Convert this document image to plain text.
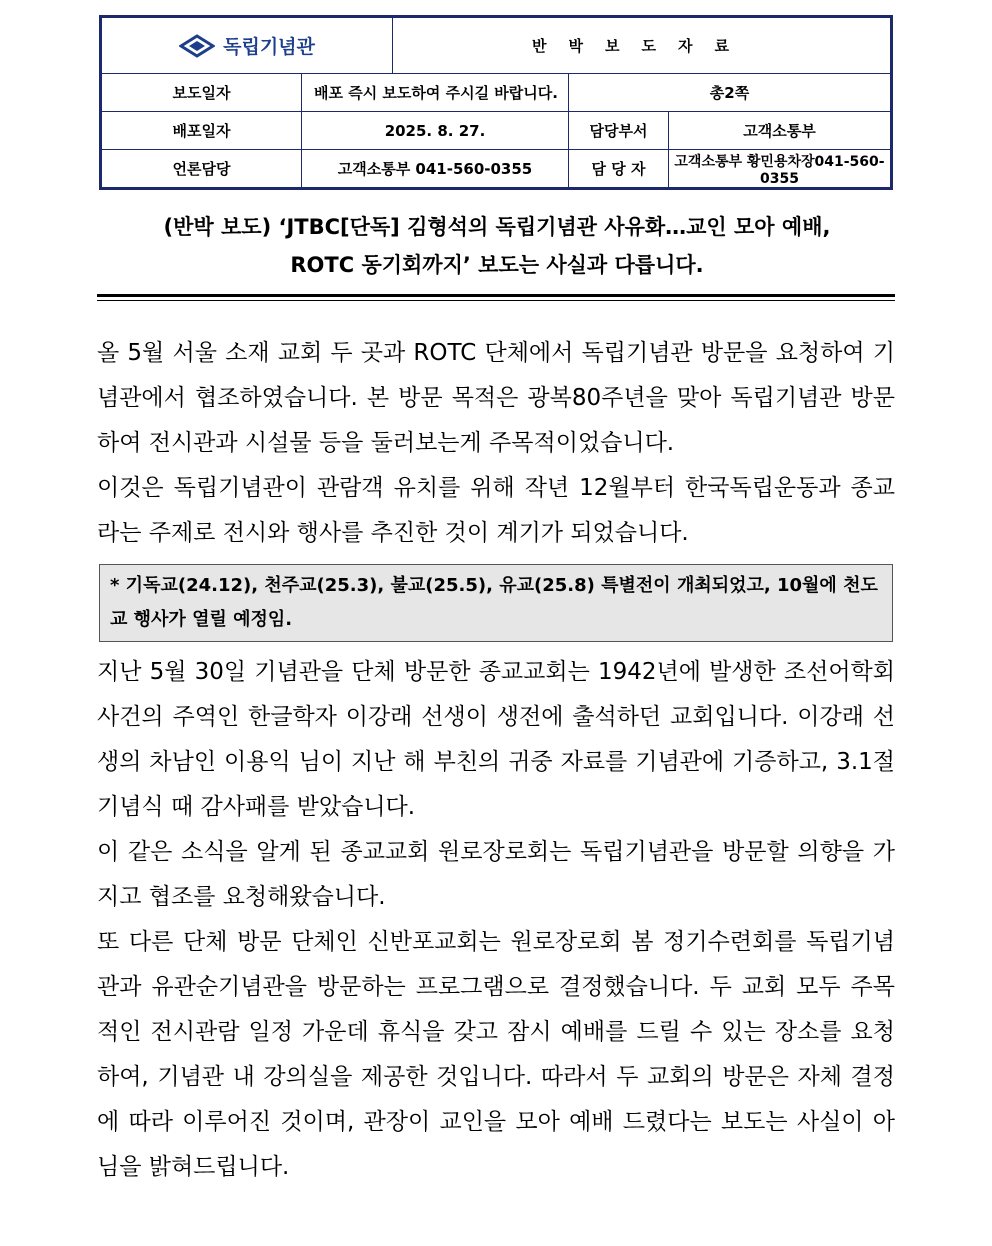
독립기념관		반박보도자료		
보도일자	배포 즉시 보도하여 주시길 바랍니다.		총2쪽	
배포일자	2025. 8. 27.		담당부서	고객소통부
언론담당	고객소통부 041-560-0355		담 당 자	고객소통부 황민용차장041-560-0355
(반박 보도) ‘JTBC[단독] 김형석의 독립기념관 사유화…교인 모아 예배,
ROTC 동기회까지’ 보도는 사실과 다릅니다.

올 5월 서울 소재 교회 두 곳과 ROTC 단체에서 독립기념관 방문을 요청하여 기념관에서 협조하였습니다. 본 방문 목적은 광복80주년을 맞아 독립기념관 방문하여 전시관과 시설물 등을 둘러보는게 주목적이었습니다.

이것은 독립기념관이 관람객 유치를 위해 작년 12월부터 한국독립운동과 종교라는 주제로 전시와 행사를 추진한 것이 계기가 되었습니다.

* 기독교(24.12), 천주교(25.3), 불교(25.5), 유교(25.8) 특별전이 개최되었고, 10월에 천도교 행사가 열릴 예정임.

지난 5월 30일 기념관을 단체 방문한 종교교회는 1942년에 발생한 조선어학회사건의 주역인 한글학자 이강래 선생이 생전에 출석하던 교회입니다. 이강래 선생의 차남인 이용익 님이 지난 해 부친의 귀중 자료를 기념관에 기증하고, 3.1절 기념식 때 감사패를 받았습니다.

이 같은 소식을 알게 된 종교교회 원로장로회는 독립기념관을 방문할 의향을 가지고 협조를 요청해왔습니다.

또 다른 단체 방문 단체인 신반포교회는 원로장로회 봄 정기수련회를 독립기념관과 유관순기념관을 방문하는 프로그램으로 결정했습니다. 두 교회 모두 주목적인 전시관람 일정 가운데 휴식을 갖고 잠시 예배를 드릴 수 있는 장소를 요청하여, 기념관 내 강의실을 제공한 것입니다. 따라서 두 교회의 방문은 자체 결정에 따라 이루어진 것이며, 관장이 교인을 모아 예배 드렸다는 보도는 사실이 아님을 밝혀드립니다.
